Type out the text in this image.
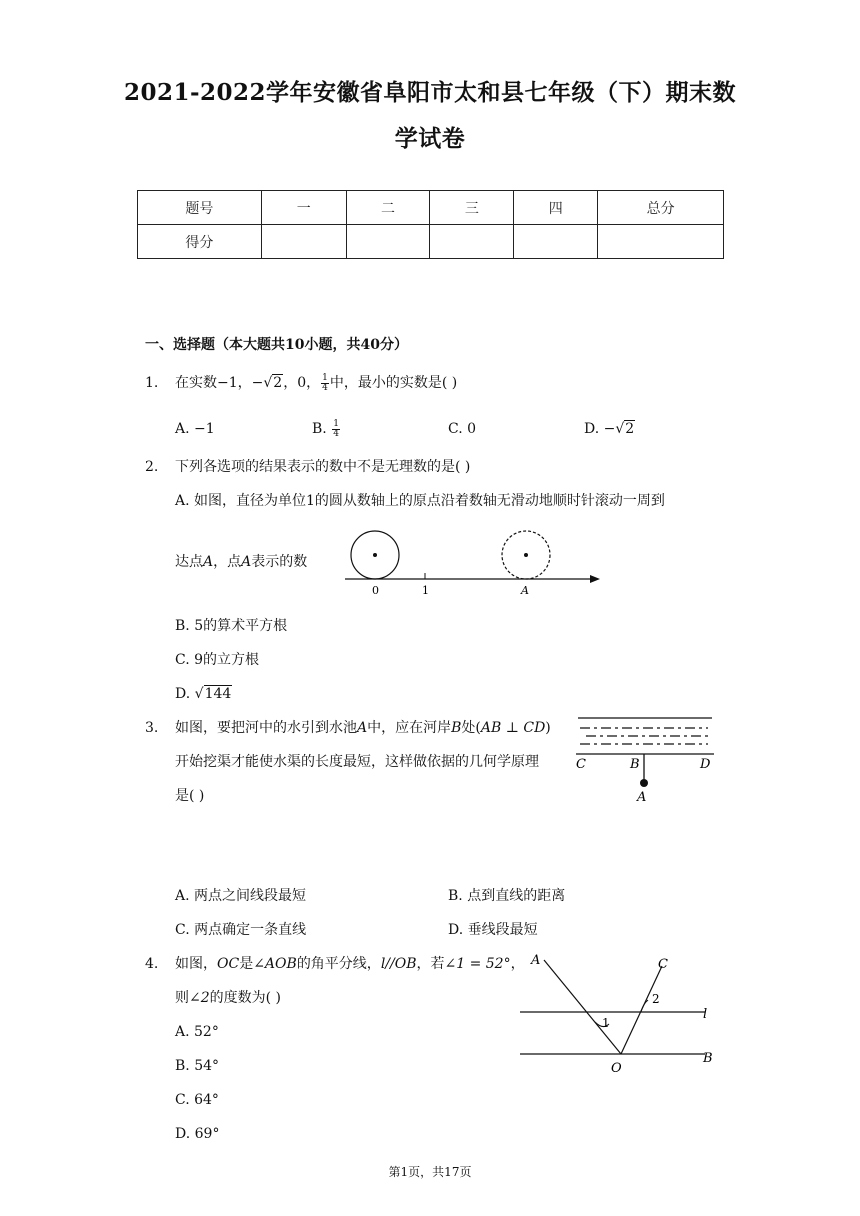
2021-2022学年安徽省阜阳市太和县七年级（下）期末数
学试卷
题号	一	二	三	四	总分
得分					
一、选择题（本大题共10小题，共40分）
1. 在实数−1，−√2，0， $\frac{1}{4}$ 中，最小的实数是( )
A. −1	B. $\frac{1}{4}$	C. 0	D. −√2
2. 下列各选项的结果表示的数中不是无理数的是( )
A. 如图，直径为单位1的圆从数轴上的原点沿着数轴无滑动地顺时针滚动一周到
达点A，点A表示的数
0	1	A
B. 5的算术平方根
C. 9的立方根
D. √144
3. 如图，要把河中的水引到水池A中，应在河岸B处(AB ⊥ CD)
开始挖渠才能使水渠的长度最短，这样做依据的几何学原理
是( )
C	B	D
A
A. 两点之间线段最短	B. 点到直线的距离
C. 两点确定一条直线	D. 垂线段最短
4. 如图，OC是∠AOB的角平分线，l//OB，若∠1 = 52°，
则∠2的度数为( )
A	C
l
B
O
1
2
A. 52°
B. 54°
C. 64°
D. 69°
第1页，共17页
